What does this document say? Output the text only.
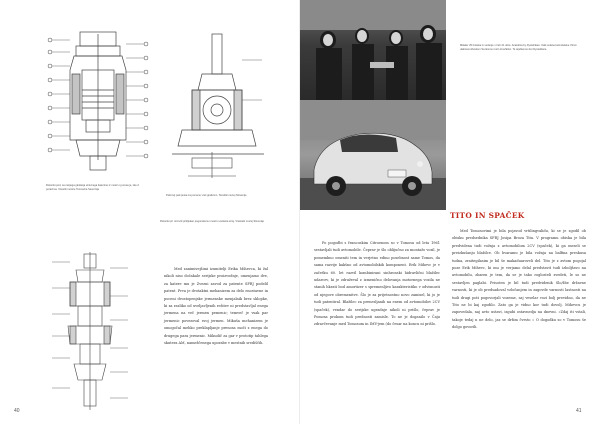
Rotorski pod, sa ranijega gledanja etnivnega baterime iz motor ng srosa je, isle d porazima. Vrtes/ik motore Tomos/na Severnija
Pokrovij pad posta za pomenu vrsti grafemm. Terebiki muzej Slovenije
Rotorski pri rod tvid prikljukan pogonskemu motoru varianta stroj. Vrtesiski muzej Slovenije
Med zanimivejšimi izumitelji Erika Mihevca, ki žal nikoli niso dočakale serijske proizvodnje, omenjamo dve, za katere mu je Zvezni zavod za patente SFRJ podelil patent. Prva je dvotaktni mehanizem za delo enostavne in poceni dvostopenjske jermenske menjalnik brez sklopke, ki za razliko od uveljavljenih rešitev ni predstavljal enega jermena na več jermen pemenic; temveč je vsak par jermenic povezoval svoj jermen. Mikuša mehanizem je omogočal mehko preklapljanje prenosa moči z enega do drugega para jermenic. Mikudič za gar v prototip tahlega skutera AM, nameščenega uporabe v mestnih središčih.
40
Mikaler 25 fotoska in vedenje v treh 21 ulice. Anatolina by Dyotel/kare. Kalk sulana kulmoteleke Vitrun ulaborem/dvekom Sa ikonom Iurin krushklon. Te tejsbienovi kot Dyotel/kare.
Po pogodbi s francoskim Citroenom so v Tomosu od leta 1961 sestavljali tudi avtomobile. Čeprav je šlo oblijučno za montažo vozil, je pomembno omeniti tem in verjetno edino posebnost same Tomos, da sama razvije kakšno od avtomobilskih komponent. Erik Mihevc je v začetku 60. let razvil kombinirani sinhronski hidravlični blažilec udarcev, ki je združeval z izmenično delovanja motornega vozila ne stanih hkrati bod amortizer s spremenljivo karakteristiko v odvisnosti od njegove obremenitve. Šlo je za prijetnostno novo zamisel, ki jo je tudi patentiral. Blažilec za prenesljanih na enem od avtomobilov 2CV (spaček), vendar do serijske ugradnje nikoli ni prišlo, čeprav je Pomosa prokom tudi prednosti zamisle. To ne je doganilo v Čaju zdravčevanje med Tomosom in IMV-jem (do česar na koncu ni prišlo.
TITO IN SPAČEK
Med Tomosovimi je bila pojavod vrtilingvalidu, ki se je zgodil ob obisku predsednika SFRJ Josipa Broza Tita. V programu obiska je bila predvidena tudi vožnja z avtomobilom 2CV (spaček), ki ga meseli se preizkušanju blažilce. Ob hvaramu je bila vožnja na balfina preskusa tudna, zraitegilasim je bil še makaduaroveli del. Tito je z avtom pogojal poze Erik Mihevc, ki mu je verjamo delal predstavit tudi izboljšavo na avtomobilu, zbaren je tem, da se je tako roglosteli zvedeti, le so ne sestavljen paglabi. Prisoten je bil tudi predvidenik Slo/žbe državne varnosti, ki je ob predsadoval vzločanjem in zagovde varnosti lastnosti na tudi drugi poti pogovorjali vozeme, saj veselar vozi bolj previdno, da ne Tito ne bi kaj zgodilo. Zato ga je vidno kor tudi dovolj. Mihevcu je zapovedala, naj avto ustavi, izgubi ostavnedja na dnevni. »Zdaj iti vstali, takoje tedaj n ne delo, jaz se držim čvrsto « O dogodku so v Tomosu še dolgo govorili.
41
